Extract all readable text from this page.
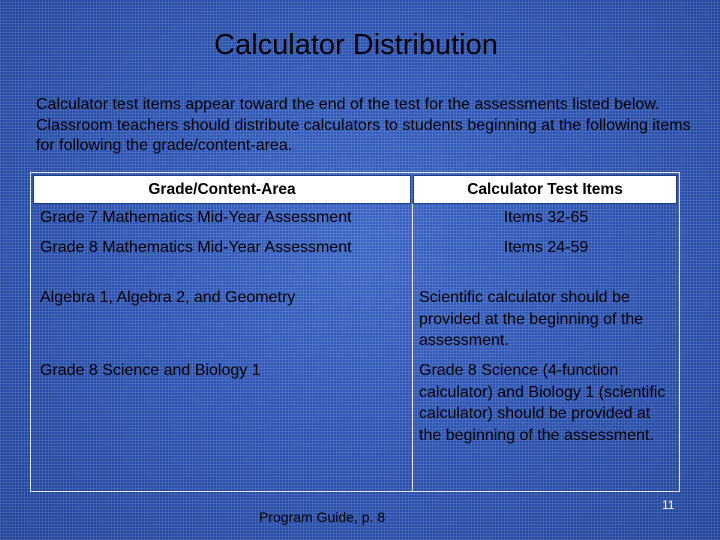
Calculator Distribution
Calculator test items appear toward the end of the test for the assessments listed below. Classroom teachers should distribute calculators to students beginning at the following items for following the grade/content-area.
Grade/Content-Area	Calculator Test Items
Grade 7 Mathematics Mid-Year Assessment	Items 32-65
Grade 8 Mathematics Mid-Year Assessment	Items 24-59
Algebra 1, Algebra 2, and Geometry	Scientific calculator should be provided at the beginning of the assessment.
Grade 8 Science and Biology 1	Grade 8 Science (4-function calculator) and Biology 1 (scientific calculator) should be provided at the beginning of the assessment.
Program Guide, p. 8
11
